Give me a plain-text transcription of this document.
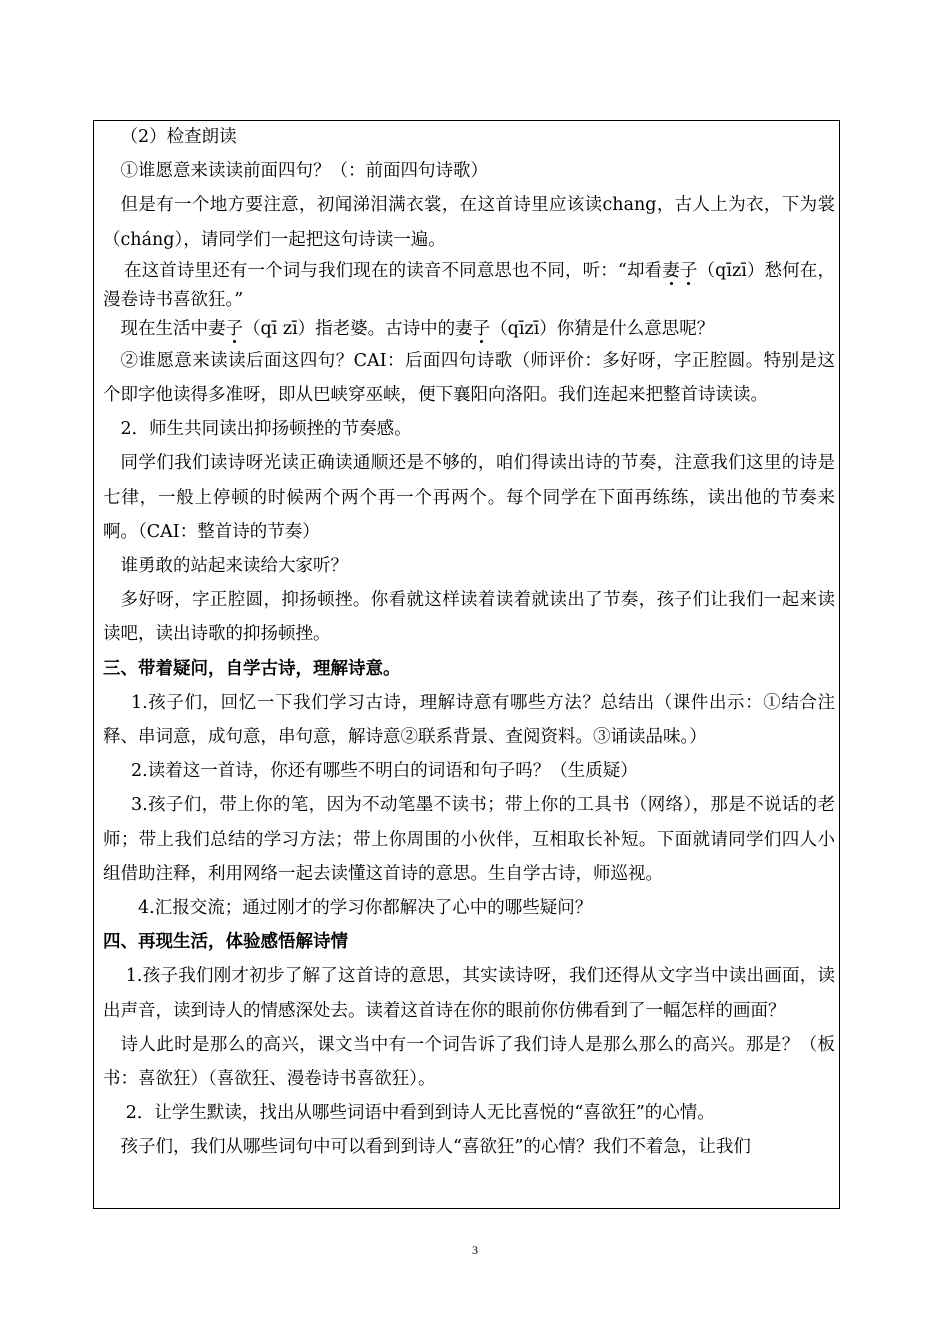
（2）检查朗读

①谁愿意来读读前面四句？（：前面四句诗歌）

但是有一个地方要注意，初闻涕泪满衣裳，在这首诗里应该读chang，古人上为衣，下为裳（cháng），请同学们一起把这句诗读一遍。

在这首诗里还有一个词与我们现在的读音不同意思也不同，听：“却看妻子（qīzī）愁何在，漫卷诗书喜欲狂。”

现在生活中妻子（qī zī）指老婆。古诗中的妻子（qīzī）你猜是什么意思呢？

②谁愿意来读读后面这四句？CAI：后面四句诗歌（师评价：多好呀，字正腔圆。特别是这个即字他读得多准呀，即从巴峡穿巫峡，便下襄阳向洛阳。我们连起来把整首诗读读。

2．师生共同读出抑扬顿挫的节奏感。

同学们我们读诗呀光读正确读通顺还是不够的，咱们得读出诗的节奏，注意我们这里的诗是七律，一般上停顿的时候两个两个再一个再两个。每个同学在下面再练练，读出他的节奏来啊。（CAI：整首诗的节奏）

谁勇敢的站起来读给大家听？

多好呀，字正腔圆，抑扬顿挫。你看就这样读着读着就读出了节奏，孩子们让我们一起来读读吧，读出诗歌的抑扬顿挫。

三、带着疑问，自学古诗，理解诗意。

1.孩子们，回忆一下我们学习古诗，理解诗意有哪些方法？总结出（课件出示：①结合注释、串词意，成句意，串句意，解诗意②联系背景、查阅资料。③诵读品味。）

2.读着这一首诗，你还有哪些不明白的词语和句子吗？（生质疑）

3.孩子们，带上你的笔，因为不动笔墨不读书；带上你的工具书（网络），那是不说话的老师；带上我们总结的学习方法；带上你周围的小伙伴，互相取长补短。下面就请同学们四人小组借助注释，利用网络一起去读懂这首诗的意思。生自学古诗，师巡视。

4.汇报交流；通过刚才的学习你都解决了心中的哪些疑问？

四、再现生活，体验感悟解诗情

1.孩子我们刚才初步了解了这首诗的意思，其实读诗呀，我们还得从文字当中读出画面，读出声音，读到诗人的情感深处去。读着这首诗在你的眼前你仿佛看到了一幅怎样的画面？

诗人此时是那么的高兴，课文当中有一个词告诉了我们诗人是那么那么的高兴。那是？（板书：喜欲狂）（喜欲狂、漫卷诗书喜欲狂）。

2．让学生默读，找出从哪些词语中看到到诗人无比喜悦的“喜欲狂”的心情。

孩子们，我们从哪些词句中可以看到到诗人“喜欲狂”的心情？我们不着急，让我们

3
